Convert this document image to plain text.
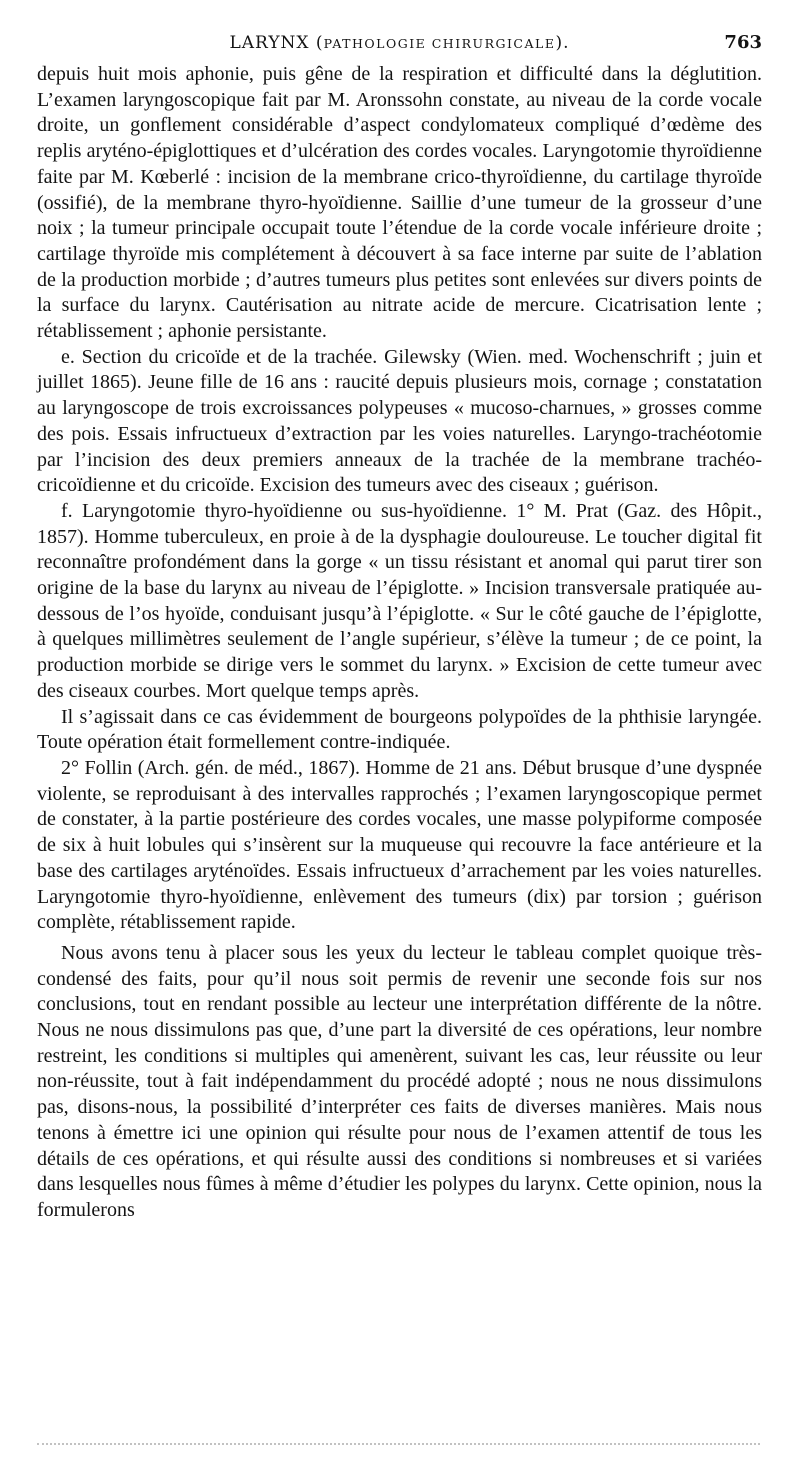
LARYNX (PATHOLOGIE CHIRURGICALE).	763

depuis huit mois aphonie, puis gêne de la respiration et difficulté dans la déglutition. L’examen laryngoscopique fait par M. Aronssohn constate, au niveau de la corde vocale droite, un gonflement considérable d’aspect condylomateux compliqué d’œdème des replis aryténo-épiglottiques et d’ulcération des cordes vocales. Laryngotomie thyroïdienne faite par M. Kœberlé : incision de la membrane crico-thyroïdienne, du cartilage thyroïde (ossifié), de la membrane thyro-hyoïdienne. Saillie d’une tumeur de la grosseur d’une noix ; la tumeur principale occupait toute l’étendue de la corde vocale inférieure droite ; cartilage thyroïde mis complétement à découvert à sa face interne par suite de l’ablation de la production morbide ; d’autres tumeurs plus petites sont enlevées sur divers points de la surface du larynx. Cautérisation au nitrate acide de mercure. Cicatrisation lente ; rétablissement ; aphonie persistante.

e. Section du cricoïde et de la trachée. Gilewsky (Wien. med. Wochenschrift ; juin et juillet 1865). Jeune fille de 16 ans : raucité depuis plusieurs mois, cornage ; constatation au laryngoscope de trois excroissances polypeuses « mucoso-charnues, » grosses comme des pois. Essais infructueux d’extraction par les voies naturelles. Laryngo-trachéotomie par l’incision des deux premiers anneaux de la trachée de la membrane trachéo-cricoïdienne et du cricoïde. Excision des tumeurs avec des ciseaux ; guérison.

f. Laryngotomie thyro-hyoïdienne ou sus-hyoïdienne. 1° M. Prat (Gaz. des Hôpit., 1857). Homme tuberculeux, en proie à de la dysphagie douloureuse. Le toucher digital fit reconnaître profondément dans la gorge « un tissu résistant et anomal qui parut tirer son origine de la base du larynx au niveau de l’épiglotte. » Incision transversale pratiquée au-dessous de l’os hyoïde, conduisant jusqu’à l’épiglotte. « Sur le côté gauche de l’épiglotte, à quelques millimètres seulement de l’angle supérieur, s’élève la tumeur ; de ce point, la production morbide se dirige vers le sommet du larynx. » Excision de cette tumeur avec des ciseaux courbes. Mort quelque temps après.

Il s’agissait dans ce cas évidemment de bourgeons polypoïdes de la phthisie laryngée. Toute opération était formellement contre-indiquée.

2° Follin (Arch. gén. de méd., 1867). Homme de 21 ans. Début brusque d’une dyspnée violente, se reproduisant à des intervalles rapprochés ; l’examen laryngoscopique permet de constater, à la partie postérieure des cordes vocales, une masse polypiforme composée de six à huit lobules qui s’insèrent sur la muqueuse qui recouvre la face antérieure et la base des cartilages aryténoïdes. Essais infructueux d’arrachement par les voies naturelles. Laryngotomie thyro-hyoïdienne, enlèvement des tumeurs (dix) par torsion ; guérison complète, rétablissement rapide.

Nous avons tenu à placer sous les yeux du lecteur le tableau complet quoique très-condensé des faits, pour qu’il nous soit permis de revenir une seconde fois sur nos conclusions, tout en rendant possible au lecteur une interprétation différente de la nôtre. Nous ne nous dissimulons pas que, d’une part la diversité de ces opérations, leur nombre restreint, les conditions si multiples qui amenèrent, suivant les cas, leur réussite ou leur non-réussite, tout à fait indépendamment du procédé adopté ; nous ne nous dissimulons pas, disons-nous, la possibilité d’interpréter ces faits de diverses manières. Mais nous tenons à émettre ici une opinion qui résulte pour nous de l’examen attentif de tous les détails de ces opérations, et qui résulte aussi des conditions si nombreuses et si variées dans lesquelles nous fûmes à même d’étudier les polypes du larynx. Cette opinion, nous la formulerons
